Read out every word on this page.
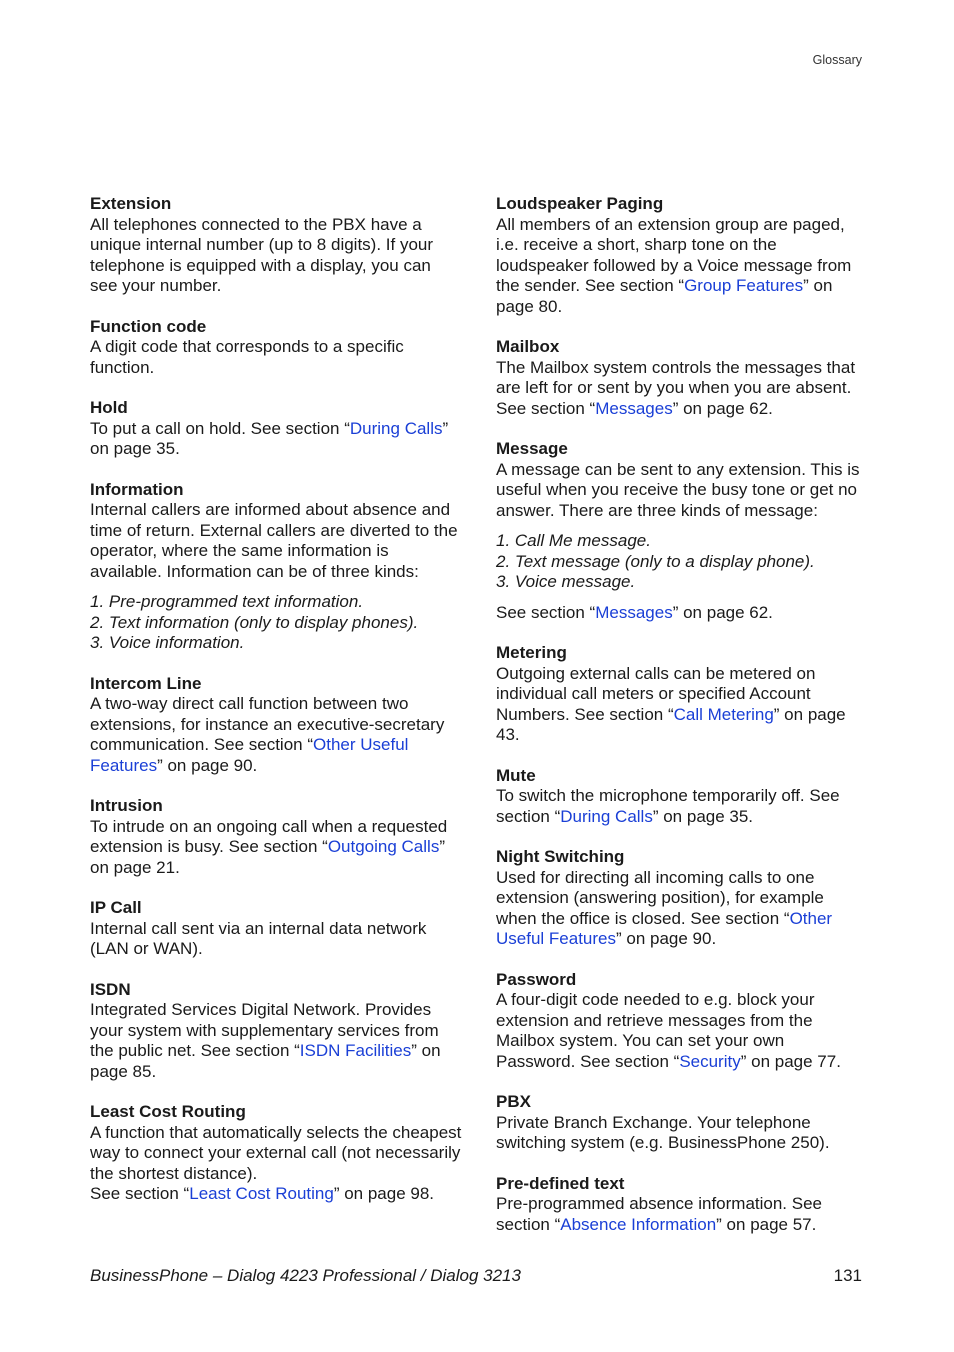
Glossary

Extension

All telephones connected to the PBX have a unique internal number (up to 8 digits). If your telephone is equipped with a display, you can see your number.

Function code

A digit code that corresponds to a specific function.

Hold

To put a call on hold. See section “During Calls” on page 35.

Information

Internal callers are informed about absence and time of return. External callers are diverted to the operator, where the same information is available. Information can be of three kinds:

1. Pre-programmed text information.
2. Text information (only to display phones).
3. Voice information.

Intercom Line

A two-way direct call function between two extensions, for instance an executive-secretary communication. See section “Other Useful Features” on page 90.

Intrusion

To intrude on an ongoing call when a requested extension is busy. See section “Outgoing Calls” on page 21.

IP Call

Internal call sent via an internal data network (LAN or WAN).

ISDN

Integrated Services Digital Network. Provides your system with supplementary services from the public net. See section “ISDN Facilities” on page 85.

Least Cost Routing

A function that automatically selects the cheapest way to connect your external call (not necessarily the shortest distance).

See section “Least Cost Routing” on page 98.

Loudspeaker Paging

All members of an extension group are paged, i.e. receive a short, sharp tone on the loudspeaker followed by a Voice message from the sender. See section “Group Features” on page 80.

Mailbox

The Mailbox system controls the messages that are left for or sent by you when you are absent. See section “Messages” on page 62.

Message

A message can be sent to any extension. This is useful when you receive the busy tone or get no answer. There are three kinds of message:

1. Call Me message.
2. Text message (only to a display phone).
3. Voice message.

See section “Messages” on page 62.

Metering

Outgoing external calls can be metered on individual call meters or specified Account Numbers. See section “Call Metering” on page 43.

Mute

To switch the microphone temporarily off. See section “During Calls” on page 35.

Night Switching

Used for directing all incoming calls to one extension (answering position), for example when the office is closed. See section “Other Useful Features” on page 90.

Password

A four-digit code needed to e.g. block your extension and retrieve messages from the Mailbox system. You can set your own Password. See section “Security” on page 77.

PBX

Private Branch Exchange. Your telephone switching system (e.g. BusinessPhone 250).

Pre-defined text

Pre-programmed absence information. See section “Absence Information” on page 57.

BusinessPhone – Dialog 4223 Professional / Dialog 3213	131
